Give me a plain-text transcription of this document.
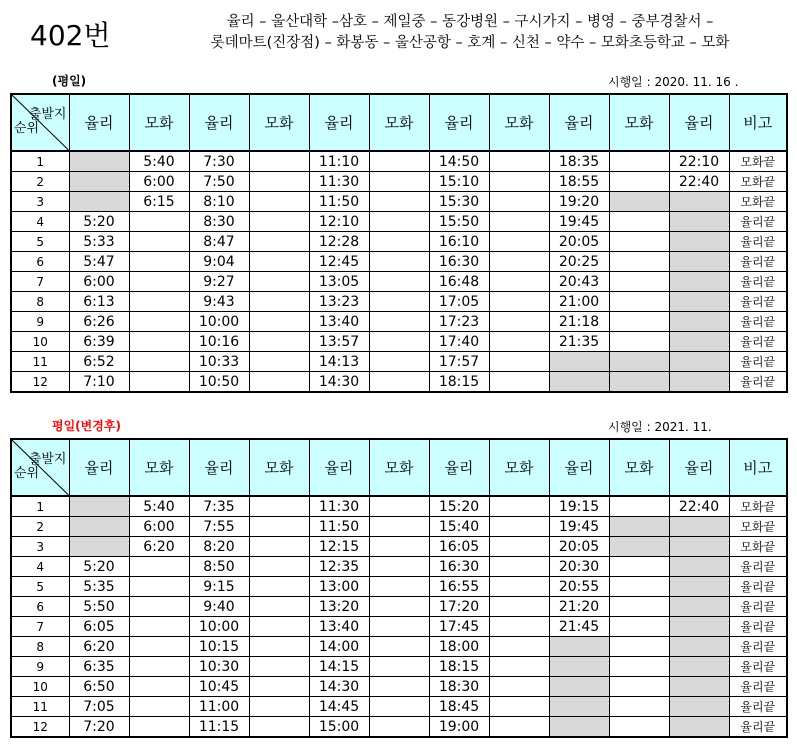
402번	율리 – 울산대학 –삼호 – 제일중 – 동강병원 – 구시가지 – 병영 – 중부경찰서 –
롯데마트(진장점) – 화봉동 – 울산공항 – 호계 – 신천 – 약수 – 모화초등학교 – 모화
(평일)	시행일 : 2020. 11. 16 .
출발지
순위	율리	모화	율리	모화	율리	모화	율리	모화	율리	모화	율리	비고
1		5:40	7:30		11:10		14:50		18:35		22:10	모화끝
2		6:00	7:50		11:30		15:10		18:55		22:40	모화끝
3		6:15	8:10		11:50		15:30		19:20			모화끝
4	5:20		8:30		12:10		15:50		19:45			율리끝
5	5:33		8:47		12:28		16:10		20:05			율리끝
6	5:47		9:04		12:45		16:30		20:25			율리끝
7	6:00		9:27		13:05		16:48		20:43			율리끝
8	6:13		9:43		13:23		17:05		21:00			율리끝
9	6:26		10:00		13:40		17:23		21:18			율리끝
10	6:39		10:16		13:57		17:40		21:35			율리끝
11	6:52		10:33		14:13		17:57					율리끝
12	7:10		10:50		14:30		18:15					율리끝
평일(변경후)	시행일 : 2021. 11.
출발지
순위	율리	모화	율리	모화	율리	모화	율리	모화	율리	모화	율리	비고
1		5:40	7:35		11:30		15:20		19:15		22:40	모화끝
2		6:00	7:55		11:50		15:40		19:45			모화끝
3		6:20	8:20		12:15		16:05		20:05			모화끝
4	5:20		8:50		12:35		16:30		20:30			율리끝
5	5:35		9:15		13:00		16:55		20:55			율리끝
6	5:50		9:40		13:20		17:20		21:20			율리끝
7	6:05		10:00		13:40		17:45		21:45			율리끝
8	6:20		10:15		14:00		18:00					율리끝
9	6:35		10:30		14:15		18:15					율리끝
10	6:50		10:45		14:30		18:30					율리끝
11	7:05		11:00		14:45		18:45					율리끝
12	7:20		11:15		15:00		19:00					율리끝
